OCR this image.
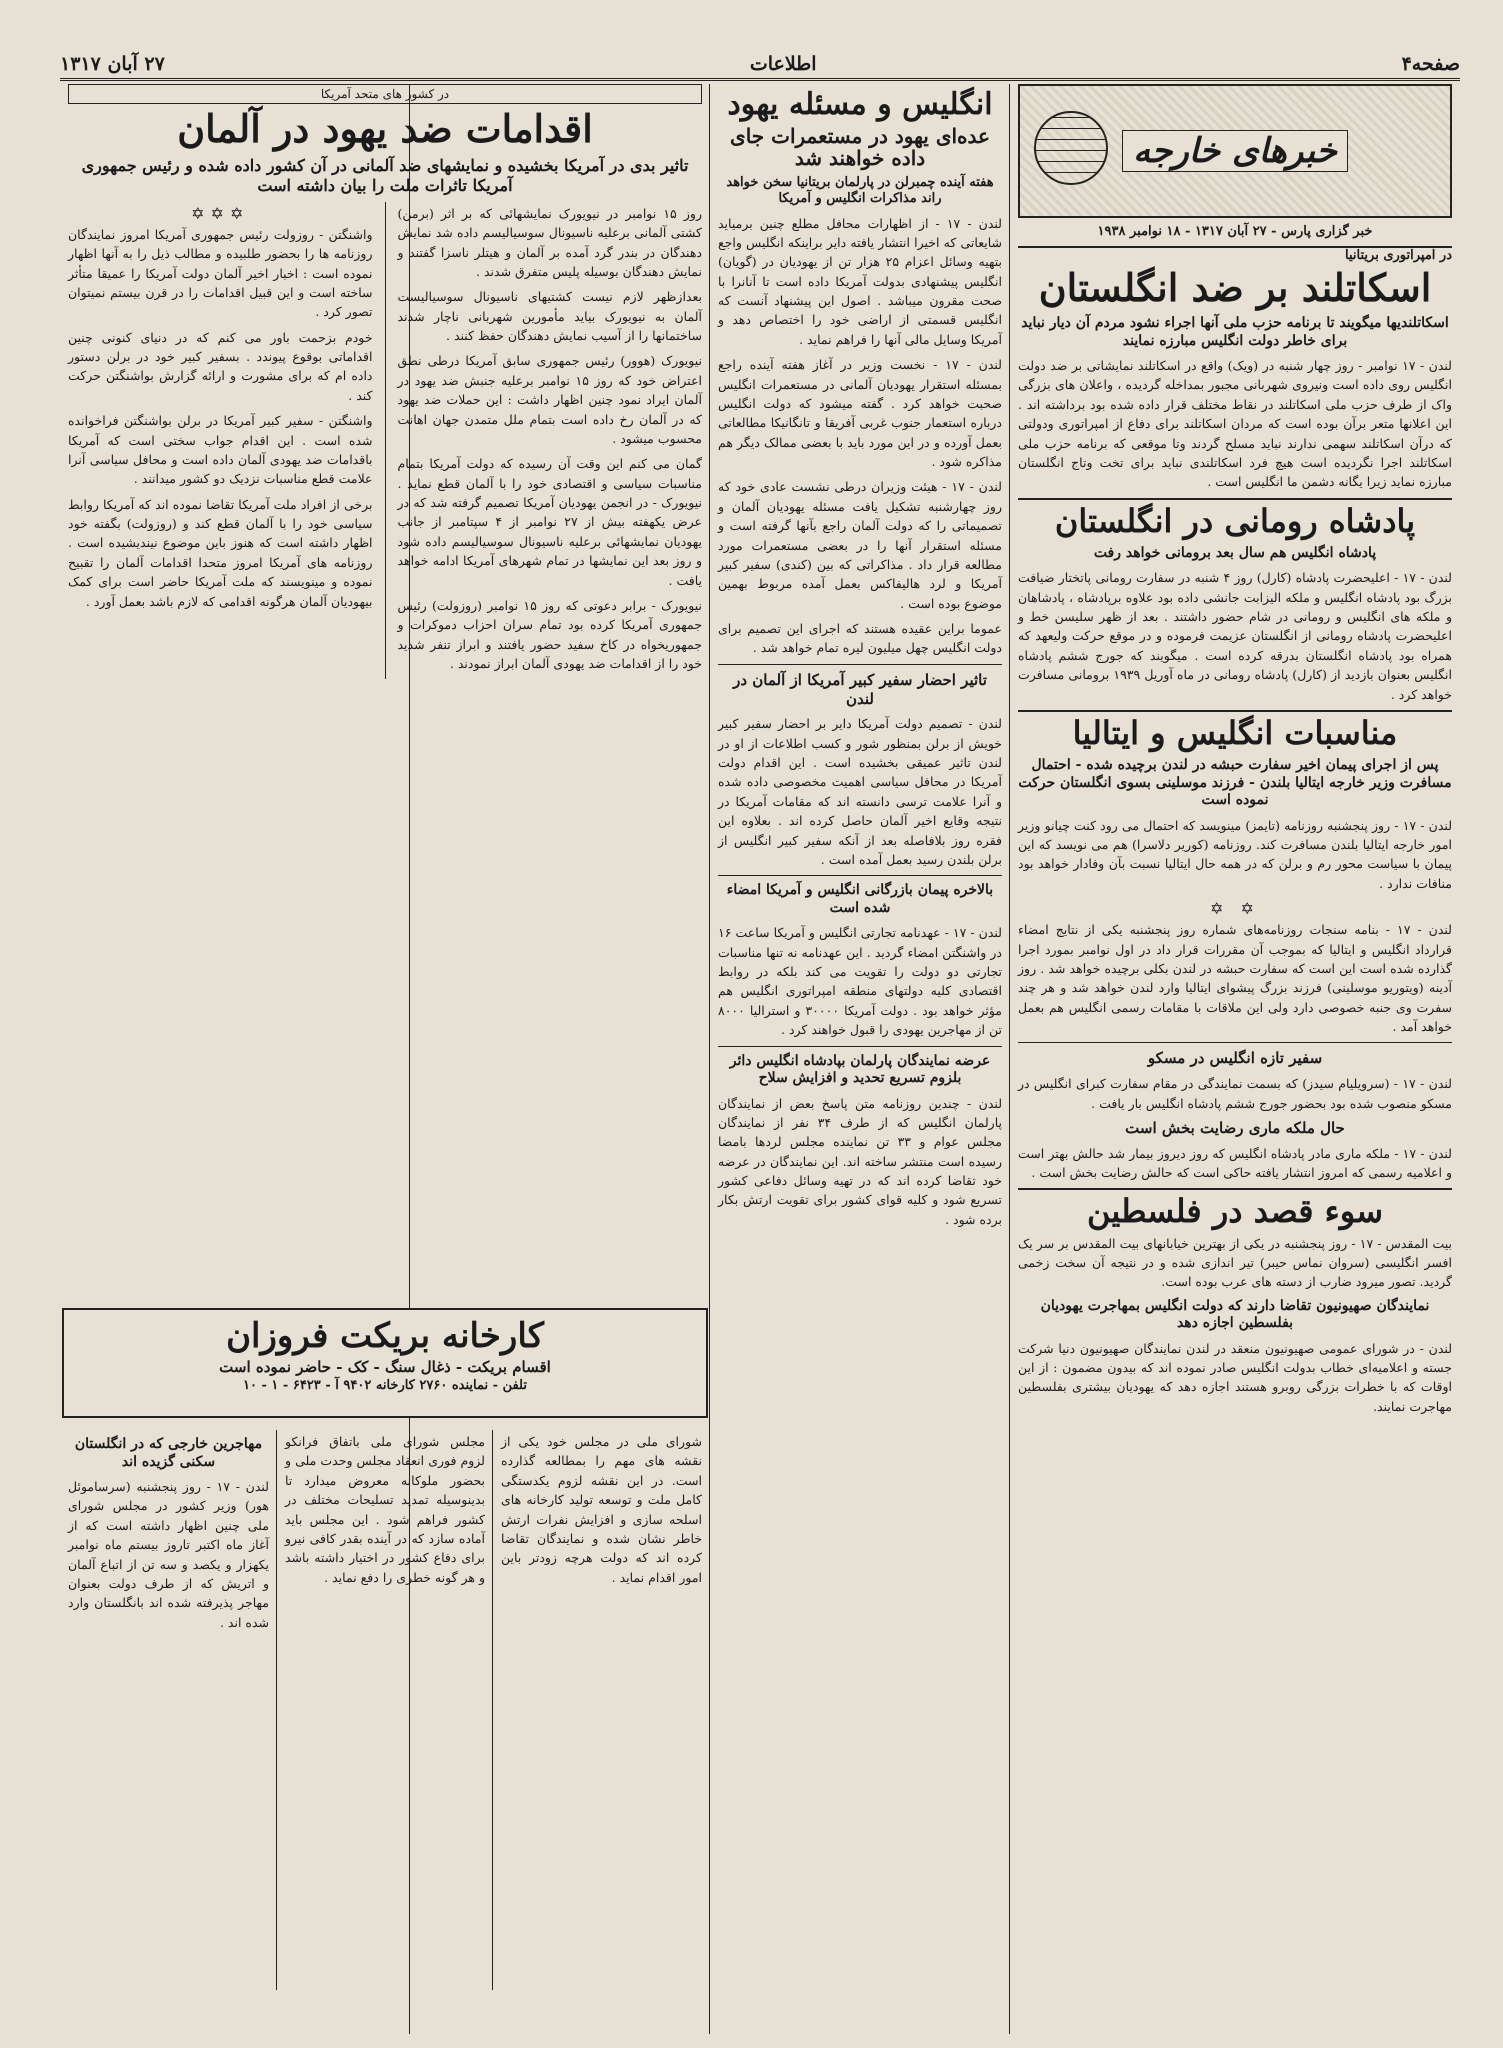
صفحه۴
اطلاعات
۲۷ آبان ۱۳۱۷
خبرهای خارجه
خبر گزاری پارس - ۲۷ آبان ۱۳۱۷ - ۱۸ نوامبر ۱۹۳۸
در امپراتوری بریتانیا
اسکاتلند بر ضد انگلستان
اسکاتلندیها میگویند تا برنامه حزب ملی آنها اجراء نشود مردم آن دیار نباید برای خاطر دولت انگلیس مبارزه نمایند
لندن - ۱۷ نوامبر - روز چهار شنبه در (ویک) واقع در اسکاتلند نمایشاتی بر ضد دولت انگلیس روی داده است ونیروی شهربانی مجبور بمداخله گردیده ، واعلان های بزرگی واک از طرف حزب ملی اسکاتلند در نقاط مختلف قرار داده شده بود برداشته اند . این اعلانها متعر برآن بوده است که مردان اسکاتلند برای دفاع از امپراتوری ودولتی که درآن اسکاتلند سهمی ندارند نباید مسلح گردند وتا موقعی که برنامه حزب ملی اسکاتلند اجرا نگردیده است هیچ فرد اسکاتلندی نباید برای تخت وتاج انگلستان مبارزه نماید زیرا یگانه دشمن ما انگلیس است .
پادشاه رومانی در انگلستان
پادشاه انگلیس هم سال بعد برومانی خواهد رفت
لندن - ۱۷ - اعلیحضرت پادشاه (کارل) روز ۴ شنبه در سفارت رومانی پاتختار ضیافت بزرگ بود پادشاه انگلیس و ملکه الیزابت جانشی داده بود علاوه برپادشاه ، پادشاهان و ملکه های انگلیس و رومانی در شام حضور داشتند . بعد از ظهر سلیسن خط و اعلیحضرت پادشاه رومانی از انگلستان عزیمت فرموده و در موقع حرکت ولیعهد که همراه بود پادشاه انگلستان بدرقه کرده است . میگویند که جورج ششم پادشاه انگلیس بعنوان بازدید از (کارل) پادشاه رومانی در ماه آوریل ۱۹۳۹ برومانی مسافرت خواهد کرد .
مناسبات انگلیس و ایتالیا
پس از اجرای پیمان اخیر سفارت حبشه در لندن برچیده شده - احتمال مسافرت وزیر خارجه ایتالیا بلندن - فرزند موسلینی بسوی انگلستان حرکت نموده است
لندن - ۱۷ - روز پنجشنبه روزنامه (تایمز) مینویسد که احتمال می رود کنت چیانو وزیر امور خارجه ایتالیا بلندن مسافرت کند. روزنامه (کوریر دلاسرا) هم می نویسد که این پیمان با سیاست محور رم و برلن که در همه حال ایتالیا نسبت بآن وفادار خواهد بود منافات ندارد .
✡ ✡
لندن - ۱۷ - بنامه سنجات روزنامه‌های شماره روز پنجشنبه یکی از نتایج امضاء قرارداد انگلیس و ایتالیا که بموجب آن مقررات قرار داد در اول نوامبر بمورد اجرا گذارده شده است این است که سفارت حبشه در لندن بکلی برچیده خواهد شد . روز آدینه (ویتوریو موسلینی) فرزند بزرگ پیشوای ایتالیا وارد لندن خواهد شد و هر چند سفرت وی جنبه خصوصی دارد ولی این ملاقات با مقامات رسمی انگلیس هم بعمل خواهد آمد .
سفیر تازه انگلیس در مسکو
لندن - ۱۷ - (سرویلیام سیدز) که بسمت نمایندگی در مقام سفارت کبرای انگلیس در مسکو منصوب شده بود بحضور جورج ششم پادشاه انگلیس بار یافت .
حال ملکه ماری رضایت بخش است
لندن - ۱۷ - ملکه ماری مادر پادشاه انگلیس که روز دیروز بیمار شد حالش بهتر است و اعلامیه رسمی که امروز انتشار یافته حاکی است که حالش رضایت بخش است .
سوء قصد در فلسطین
بیت المقدس - ۱۷ - روز پنجشنبه در یکی از بهترین خیابانهای بیت المقدس بر سر یک افسر انگلیسی (سروان نماس حیبر) تیر اندازی شده و در نتیجه آن سخت زخمی گردید. تصور میرود ضارب از دسته های عرب بوده است.
نمایندگان صهیونیون تقاضا دارند که دولت انگلیس بمهاجرت یهودیان بفلسطین اجازه دهد
لندن - در شورای عمومی صهیونیون منعقد در لندن نمایندگان صهیونیون دنیا شرکت جسته و اعلامیه‌ای خطاب بدولت انگلیس صادر نموده اند که بیدون مضمون : از این اوقات که با خطرات بزرگی روبرو هستند اجازه دهد که یهودیان بیشتری بفلسطین مهاجرت نمایند.
انگلیس و مسئله یهود
عده‌ای یهود در مستعمرات جای داده خواهند شد
هفته آینده چمبرلن در پارلمان بریتانیا سخن خواهد راند مذاکرات انگلیس و آمریکا
لندن - ۱۷ - از اظهارات محافل مطلع چنین برمیاید شایعاتی که اخیرا انتشار یافته دایر براینکه انگلیس واجع بتهیه وسائل اعزام ۲۵ هزار تن از یهودیان در (گویان) انگلیس پیشنهادی بدولت آمریکا داده است تا آنانرا با صحت مقرون میباشد . اصول این پیشنهاد آنست که انگلیس قسمتی از اراضی خود را اختصاص دهد و آمریکا وسایل مالی آنها را فراهم نماید .
لندن - ۱۷ - نخست وزیر در آغاز هفته آینده راجع بمسئله استقرار یهودیان آلمانی در مستعمرات انگلیس صحبت خواهد کرد . گفته میشود که دولت انگلیس درباره استعمار جنوب غربی آفریقا و تانگانیکا مطالعاتی بعمل آورده و در این مورد باید با بعضی ممالک دیگر هم مذاکره شود .
لندن - ۱۷ - هیئت وزیران درطی نشست عادی خود که روز چهارشنبه تشکیل یافت مسئله یهودیان آلمان و تصمیماتی را که دولت آلمان راجع بآنها گرفته است و مسئله استقرار آنها را در بعضی مستعمرات مورد مطالعه قرار داد . مذاکراتی که بین (کندی) سفیر کبیر آمریکا و لرد هالیفاکس بعمل آمده مربوط بهمین موضوع بوده است .
عموما براین عقیده هستند که اجرای این تصمیم برای دولت انگلیس چهل میلیون لیره تمام خواهد شد .
تاثیر احضار سفیر کبیر آمریکا از آلمان در لندن
لندن - تصمیم دولت آمریکا دایر بر احضار سفیر کبیر خویش از برلن بمنظور شور و کسب اطلاعات از او در لندن تاثیر عمیقی بخشیده است . این اقدام دولت آمریکا در محافل سیاسی اهمیت مخصوصی داده شده و آنرا علامت ترسی دانسته اند که مقامات آمریکا در نتیجه وقایع اخیر آلمان حاصل کرده اند . بعلاوه این فقره روز بلافاصله بعد از آنکه سفیر کبیر انگلیس از برلن بلندن رسید بعمل آمده است .
بالاخره پیمان بازرگانی انگلیس و آمریکا امضاء شده است
لندن - ۱۷ - عهدنامه تجارتی انگلیس و آمریکا ساعت ۱۶ در واشنگتن امضاء گردید . این عهدنامه نه تنها مناسبات تجارتی دو دولت را تقویت می کند بلکه در روابط اقتصادی کلیه دولتهای منطقه امپراتوری انگلیس هم مؤثر خواهد بود . دولت آمریکا ۳۰۰۰۰ و استرالیا ۸۰۰۰ تن از مهاجرین یهودی را قبول خواهند کرد .
عرضه نمایندگان پارلمان بپادشاه انگلیس دائر بلزوم تسریع تحدید و افزایش سلاح
لندن - چندین روزنامه متن پاسخ بعض از نمایندگان پارلمان انگلیس که از طرف ۳۴ نفر از نمایندگان مجلس عوام و ۳۳ تن نماینده مجلس لردها بامضا رسیده است منتشر ساخته اند. این نمایندگان در عرضه خود تقاضا کرده اند که در تهیه وسائل دفاعی کشور تسریع شود و کلیه قوای کشور برای تقویت ارتش بکار برده شود .
در کشور های متحد آمریکا
اقدامات ضد یهود در آلمان
تاثیر بدی در آمریکا بخشیده و نمایشهای ضد آلمانی در آن کشور داده شده و رئیس جمهوری آمریکا تاثرات ملت را بیان داشته است
روز ۱۵ نوامبر در نیویورک نمایشهائی که بر اثر (برمن) کشتی آلمانی برعلیه ناسیونال سوسیالیسم داده شد نمایش دهندگان در بندر گرد آمده بر آلمان و هیتلر ناسزا گفتند و نمایش دهندگان بوسیله پلیس متفرق شدند .
بعدازظهر لازم نیست کشتیهای ناسیونال سوسیالیست آلمان به نیویورک بیاید مأمورین شهربانی ناچار شدند ساختمانها را از آسیب نمایش دهندگان حفظ کنند .
نیویورک (هوور) رئیس جمهوری سابق آمریکا درطی نطق اعتراض خود که روز ۱۵ نوامبر برعلیه جنبش ضد یهود در آلمان ایراد نمود چنین اظهار داشت : این حملات ضد یهود که در آلمان رخ داده است بتمام ملل متمدن جهان اهانت محسوب میشود .
گمان می کنم این وقت آن رسیده که دولت آمریکا بتمام مناسبات سیاسی و اقتصادی خود را با آلمان قطع نماید . نیویورک - در انجمن یهودیان آمریکا تصمیم گرفته شد که در عرض یکهفته بیش از ۲۷ نوامبر از ۴ سپتامبر از جانب یهودیان نمایشهائی برعلیه ناسیونال سوسیالیسم داده شود و روز بعد این نمایشها در تمام شهرهای آمریکا ادامه خواهد یافت .
نیویورک - برابر دعوتی که روز ۱۵ نوامبر (روزولت) رئیس جمهوری آمریکا کرده بود تمام سران احزاب دموکرات و جمهوریخواه در کاخ سفید حضور یافتند و ابراز تنفر شدید خود را از اقدامات ضد یهودی آلمان ابراز نمودند .
✡✡✡
واشنگتن - روزولت رئیس جمهوری آمریکا امروز نمایندگان روزنامه ها را بحضور طلبیده و مطالب ذیل را به آنها اظهار نموده است : اخبار اخیر آلمان دولت آمریکا را عمیقا متأثر ساخته است و این قبیل اقدامات را در قرن بیستم نمیتوان تصور کرد .
خودم بزحمت باور می کنم که در دنیای کنونی چنین اقداماتی بوقوع پیوندد . بسفیر کبیر خود در برلن دستور داده ام که برای مشورت و ارائه گزارش بواشنگتن حرکت کند .
واشنگتن - سفیر کبیر آمریکا در برلن بواشنگتن فراخوانده شده است . این اقدام جواب سختی است که آمریکا باقدامات ضد یهودی آلمان داده است و محافل سیاسی آنرا علامت قطع مناسبات نزدیک دو کشور میدانند .
برخی از افراد ملت آمریکا تقاضا نموده اند که آمریکا روابط سیاسی خود را با آلمان قطع کند و (روزولت) بگفته خود اظهار داشته است که هنوز باین موضوع نیندیشیده است . روزنامه های آمریکا امروز متحدا اقدامات آلمان را تقبیح نموده و مینویسند که ملت آمریکا حاضر است برای کمک بیهودیان آلمان هرگونه اقدامی که لازم باشد بعمل آورد .
کارخانه بریکت فروزان
اقسام بریکت - ذغال سنگ - کک - حاضر نموده است
تلفن - نماینده ۲۷۶۰ کارخانه ۹۴۰۲ آ - ۶۴۲۳ - ۱ - ۱۰
شورای ملی در مجلس خود یکی از نقشه های مهم را بمطالعه گذارده است. در این نقشه لزوم یکدستگی کامل ملت و توسعه تولید کارخانه های اسلحه سازی و افزایش نفرات ارتش خاطر نشان شده و نمایندگان تقاضا کرده اند که دولت هرچه زودتر باین امور اقدام نماید .
مجلس شورای ملی باتفاق فرانکو لزوم فوری انعقاد مجلس وحدت ملی و بحضور ملوکانه معروض میدارد تا بدینوسیله تمدید تسلیحات مختلف در کشور فراهم شود . این مجلس باید آماده سازد که در آینده بقدر کافی نیرو برای دفاع کشور در اختیار داشته باشد و هر گونه خطری را دفع نماید .
مهاجرین خارجی که در انگلستان سکنی گزیده اند
لندن - ۱۷ - روز پنجشنبه (سرساموئل هور) وزیر کشور در مجلس شورای ملی چنین اظهار داشته است که از آغاز ماه اکتبر تاروز بیستم ماه نوامبر یکهزار و یکصد و سه تن از اتباع آلمان و اتریش که از طرف دولت بعنوان مهاجر پذیرفته شده اند بانگلستان وارد شده اند .
